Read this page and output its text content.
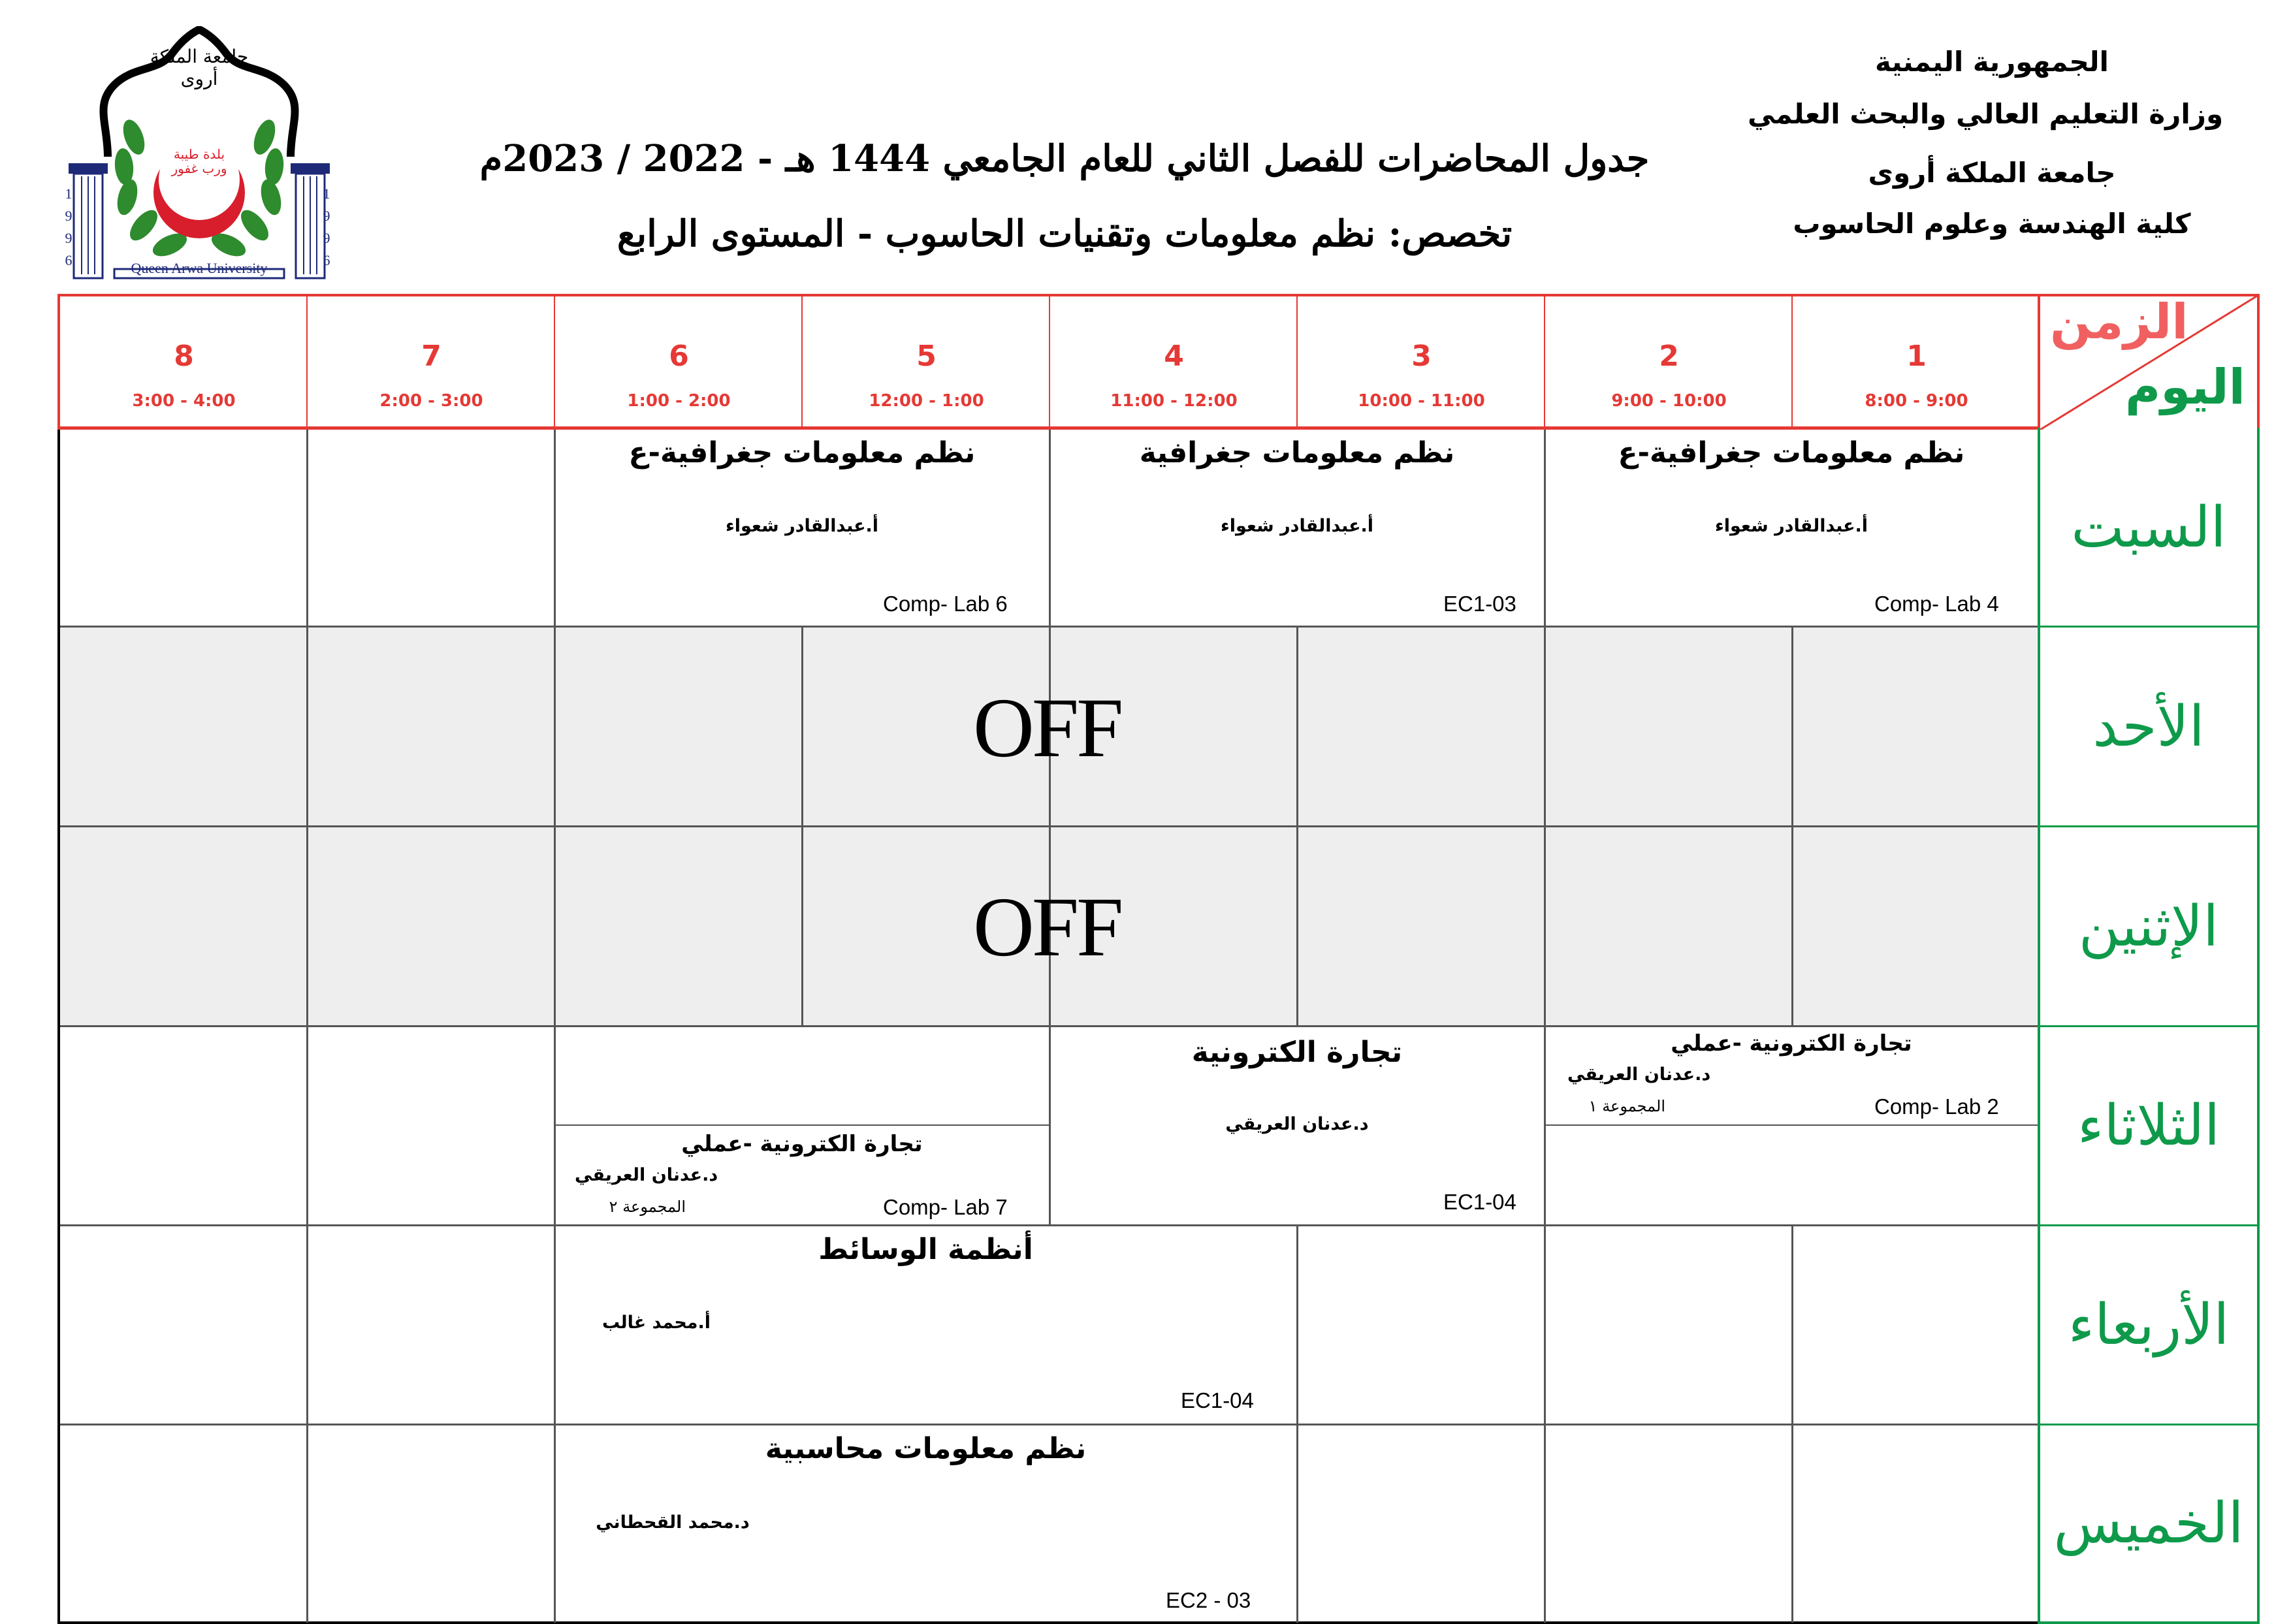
جامعة الملكة أروى
بلدة طيبة ورب غفور
Queen Arwa University
1
9
9
6
1
9
9
6
الجمهورية اليمنية
وزارة التعليم العالي والبحث العلمي
جامعة الملكة أروى
كلية الهندسة وعلوم الحاسوب
جدول المحاضرات للفصل الثاني للعام الجامعي 1444 هـ - 2022 / 2023م
تخصص: نظم معلومات وتقنيات الحاسوب - المستوى الرابع
1
8:00 - 9:00
2
9:00 - 10:00
3
10:00 - 11:00
4
11:00 - 12:00
5
12:00 - 1:00
6
1:00 - 2:00
7
2:00 - 3:00
8
3:00 - 4:00
الزمن
اليوم
السبت
الأحد
الإثنين
الثلاثاء
الأربعاء
الخميس
OFF
OFF
نظم معلومات جغرافية-ع
أ.عبدالقادر شعواء
Comp- Lab 4
نظم معلومات جغرافية
أ.عبدالقادر شعواء
EC1-03
نظم معلومات جغرافية-ع
أ.عبدالقادر شعواء
Comp- Lab 6
تجارة الكترونية -عملي
د.عدنان العريقي
المجموعة ١	Comp- Lab 2
تجارة الكترونية
د.عدنان العريقي
EC1-04
تجارة الكترونية -عملي
د.عدنان العريقي
المجموعة ٢	Comp- Lab 7
أنظمة الوسائط
أ.محمد غالب
EC1-04
نظم معلومات محاسبية
د.محمد القحطاني
EC2 - 03
